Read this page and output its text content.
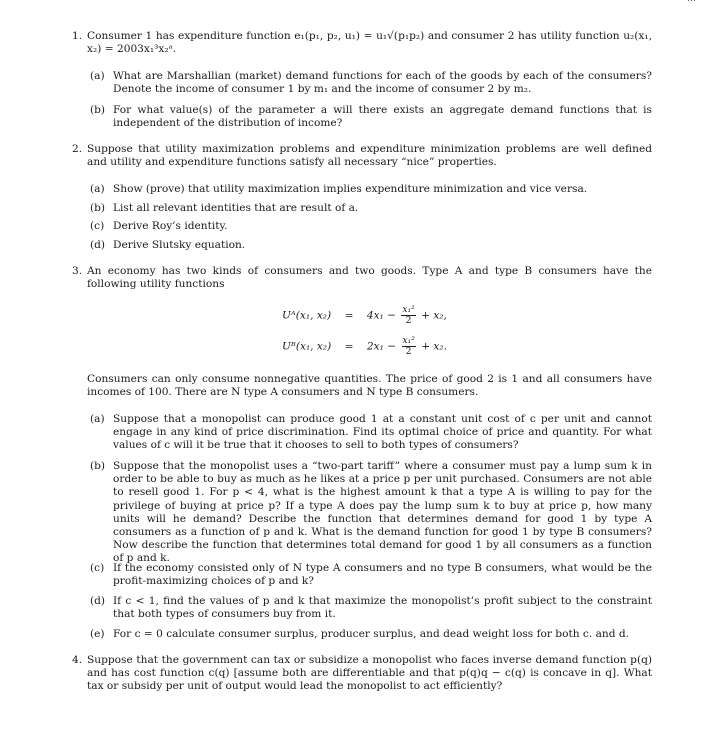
1. Consumer 1 has expenditure function e₁(p₁, p₂, u₁) = u₁√(p₁p₂) and consumer 2 has utility function u₂(x₁, x₂) = 2003x₁³x₂ᵃ.
(a) What are Marshallian (market) demand functions for each of the goods by each of the consumers? Denote the income of consumer 1 by m₁ and the income of consumer 2 by m₂.
(b) For what value(s) of the parameter a will there exists an aggregate demand functions that is independent of the distribution of income?
2. Suppose that utility maximization problems and expenditure minimization problems are well defined and utility and expenditure functions satisfy all necessary “nice” properties.
(a) Show (prove) that utility maximization implies expenditure minimization and vice versa.
(b) List all relevant identities that are result of a.
(c) Derive Roy’s identity.
(d) Derive Slutsky equation.
3. An economy has two kinds of consumers and two goods. Type A and type B consumers have the following utility functions
Uᴬ(x₁, $x_2) = 4x_1 - \frac{\text{x₁²}}{2} + x_2$,
Uᴮ(x₁, $x_2) = 2x_1 - \frac{\text{x₁²}}{2} + x_2$.
Consumers can only consume nonnegative quantities. The price of good 2 is 1 and all consumers have incomes of 100. There are N type A consumers and N type B consumers.
(a) Suppose that a monopolist can produce good 1 at a constant unit cost of c per unit and cannot engage in any kind of price discrimination. Find its optimal choice of price and quantity. For what values of c will it be true that it chooses to sell to both types of consumers?
(b) Suppose that the monopolist uses a “two-part tariff” where a consumer must pay a lump sum k in order to be able to buy as much as he likes at a price p per unit purchased. Consumers are not able to resell good 1. For p < 4, what is the highest amount k that a type A is willing to pay for the privilege of buying at price p? If a type A does pay the lump sum k to buy at price p, how many units will he demand? Describe the function that determines demand for good 1 by type A consumers as a function of p and k. What is the demand function for good 1 by type B consumers? Now describe the function that determines total demand for good 1 by all consumers as a function of p and k.
(c) If the economy consisted only of N type A consumers and no type B consumers, what would be the profit-maximizing choices of p and k?
(d) If c < 1, find the values of p and k that maximize the monopolist’s profit subject to the constraint that both types of consumers buy from it.
(e) For c = 0 calculate consumer surplus, producer surplus, and dead weight loss for both c. and d.
4. Suppose that the government can tax or subsidize a monopolist who faces inverse demand function p(q) and has cost function c(q) [assume both are differentiable and that p(q)q − c(q) is concave in q]. What tax or subsidy per unit of output would lead the monopolist to act efficiently?
